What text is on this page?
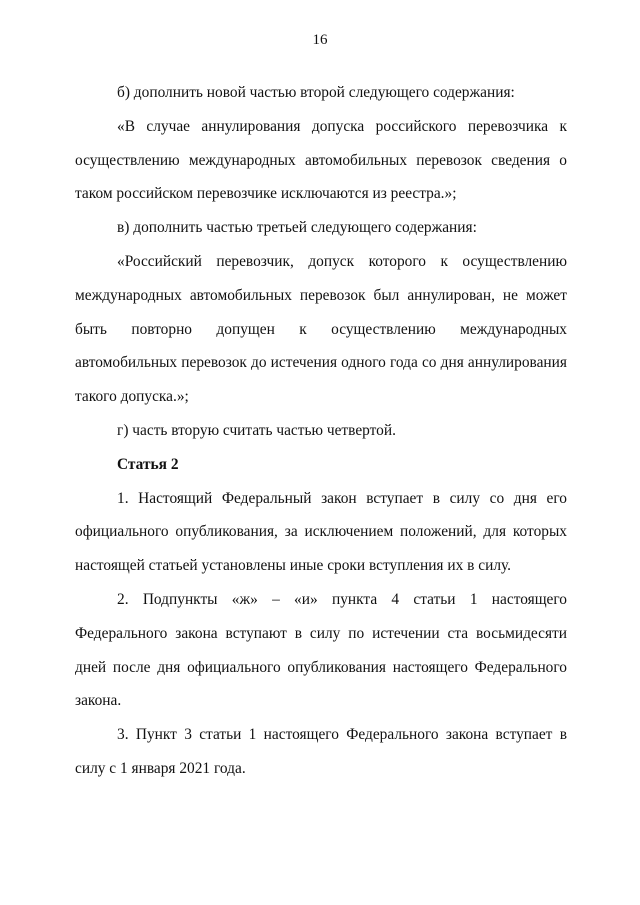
16

б) дополнить новой частью второй следующего содержания:

«В случае аннулирования допуска российского перевозчика к осуществлению международных автомобильных перевозок сведения о таком российском перевозчике исключаются из реестра.»;

в) дополнить частью третьей следующего содержания:

«Российский перевозчик, допуск которого к осуществлению международных автомобильных перевозок был аннулирован, не может быть повторно допущен к осуществлению международных автомобильных перевозок до истечения одного года со дня аннулирования такого допуска.»;

г) часть вторую считать частью четвертой.

Статья 2

1. Настоящий Федеральный закон вступает в силу со дня его официального опубликования, за исключением положений, для которых настоящей статьей установлены иные сроки вступления их в силу.

2. Подпункты «ж» – «и» пункта 4 статьи 1 настоящего Федерального закона вступают в силу по истечении ста восьмидесяти дней после дня официального опубликования настоящего Федерального закона.

3. Пункт 3 статьи 1 настоящего Федерального закона вступает в силу с 1 января 2021 года.
